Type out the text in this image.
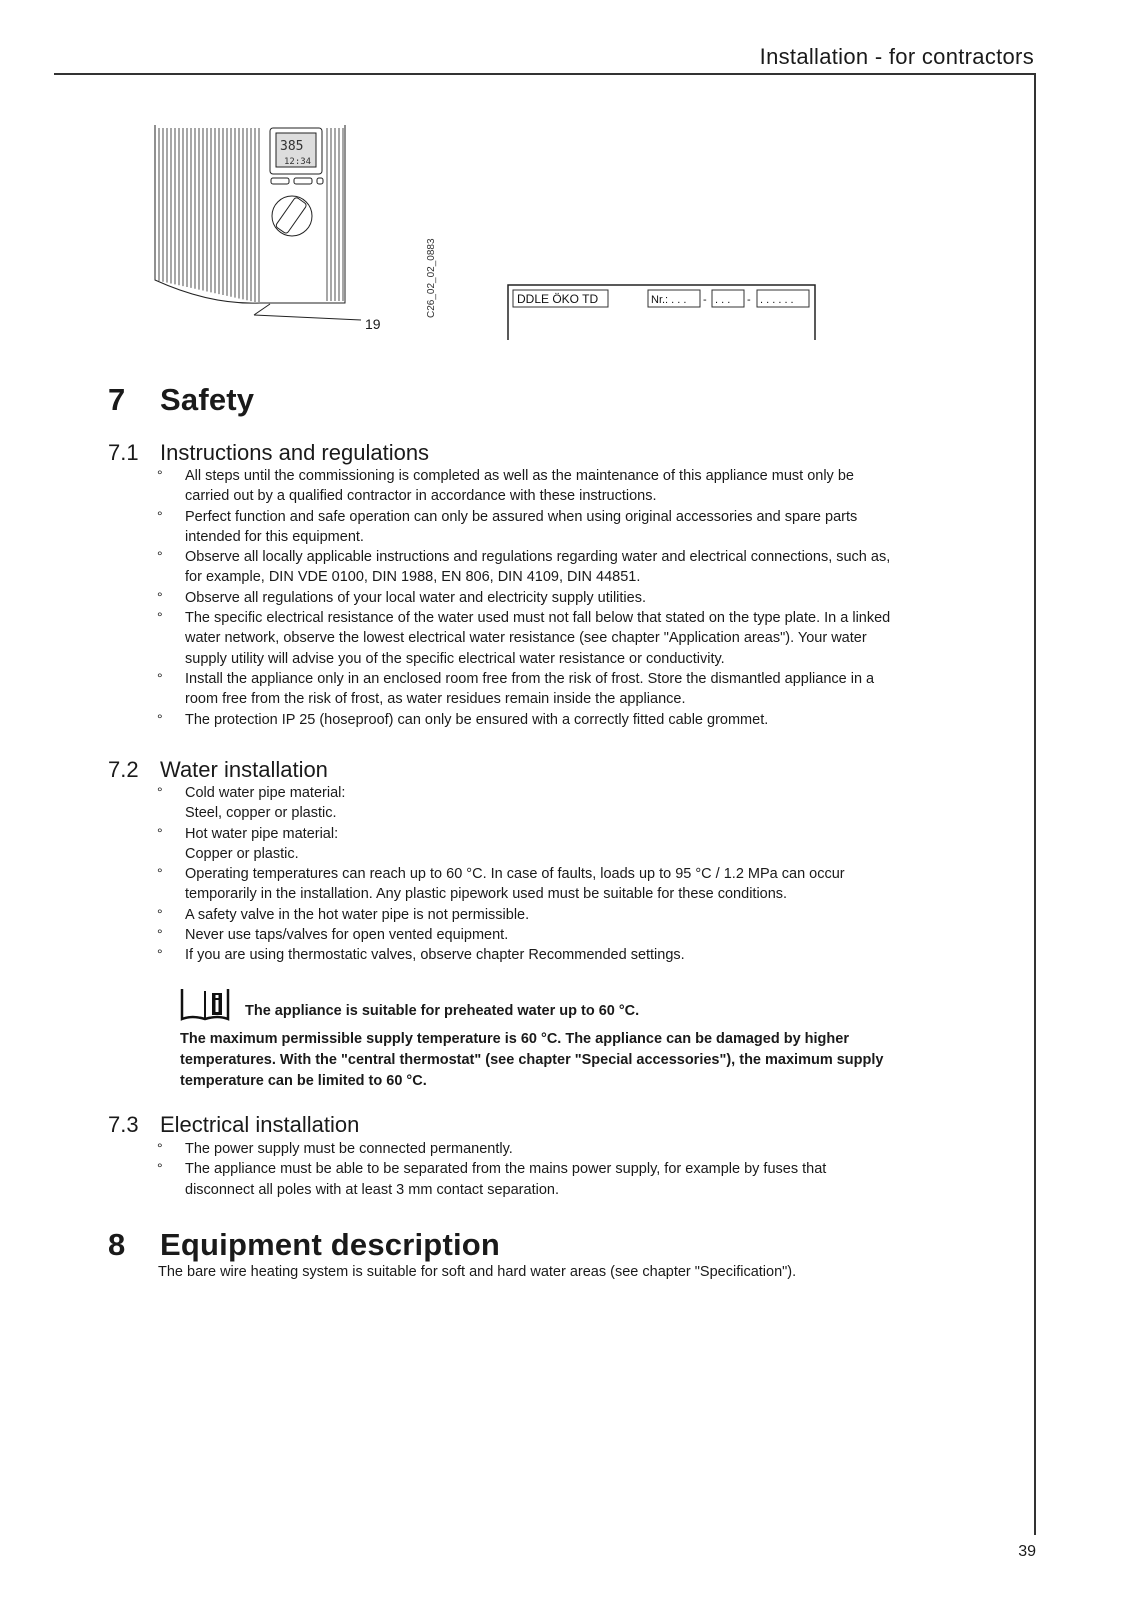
Installation - for contractors
385
12:34
19
C26_02_02_0883	DDLE ÖKO TD	Nr.: . . . - . . . - . . . . . .
7 Safety
7.1 Instructions and regulations
° All steps until the commissioning is completed as well as the maintenance of this appliance must only be
carried out by a qualified contractor in accordance with these instructions.
° Perfect function and safe operation can only be assured when using original accessories and spare parts
intended for this equipment.
° Observe all locally applicable instructions and regulations regarding water and electrical connections, such as,
for example, DIN VDE 0100, DIN 1988, EN 806, DIN 4109, DIN 44851.
° Observe all regulations of your local water and electricity supply utilities.
° The specific electrical resistance of the water used must not fall below that stated on the type plate. In a linked
water network, observe the lowest electrical water resistance (see chapter "Application areas"). Your water
supply utility will advise you of the specific electrical water resistance or conductivity.
° Install the appliance only in an enclosed room free from the risk of frost. Store the dismantled appliance in a
room free from the risk of frost, as water residues remain inside the appliance.
° The protection IP 25 (hoseproof) can only be ensured with a correctly fitted cable grommet.
7.2 Water installation
° Cold water pipe material:
Steel, copper or plastic.
° Hot water pipe material:
Copper or plastic.
° Operating temperatures can reach up to 60 °C. In case of faults, loads up to 95 °C / 1.2 MPa can occur
temporarily in the installation. Any plastic pipework used must be suitable for these conditions.
° A safety valve in the hot water pipe is not permissible.
° Never use taps/valves for open vented equipment.
° If you are using thermostatic valves, observe chapter Recommended settings.
The appliance is suitable for preheated water up to 60 °C.
The maximum permissible supply temperature is 60 °C. The appliance can be damaged by higher
temperatures. With the "central thermostat" (see chapter "Special accessories"), the maximum supply
temperature can be limited to 60 °C.
7.3 Electrical installation
° The power supply must be connected permanently.
° The appliance must be able to be separated from the mains power supply, for example by fuses that
disconnect all poles with at least 3 mm contact separation.
8 Equipment description
The bare wire heating system is suitable for soft and hard water areas (see chapter "Specification").
39
